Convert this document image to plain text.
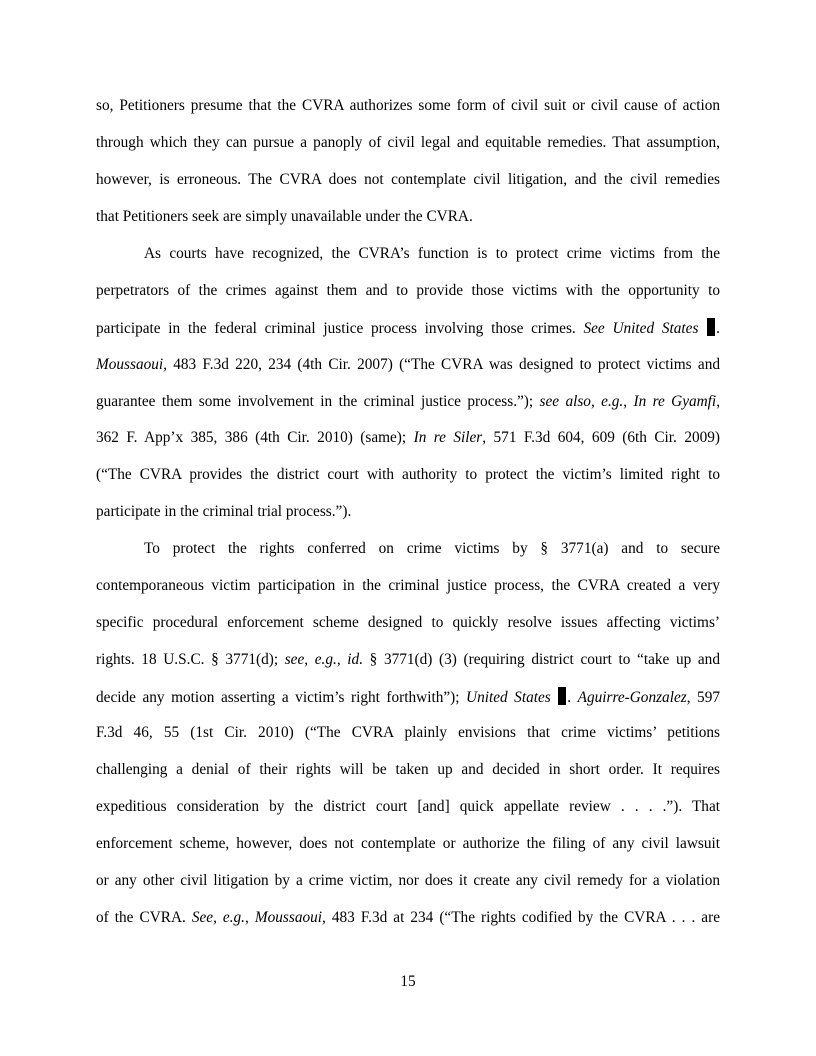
so, Petitioners presume that the CVRA authorizes some form of civil suit or civil cause of action
through which they can pursue a panoply of civil legal and equitable remedies. That assumption,
however, is erroneous. The CVRA does not contemplate civil litigation, and the civil remedies
that Petitioners seek are simply unavailable under the CVRA.
As courts have recognized, the CVRA’s function is to protect crime victims from the
perpetrators of the crimes against them and to provide those victims with the opportunity to
participate in the federal criminal justice process involving those crimes. See United States .
Moussaoui, 483 F.3d 220, 234 (4th Cir. 2007) (“The CVRA was designed to protect victims and
guarantee them some involvement in the criminal justice process.”); see also, e.g., In re Gyamfi,
362 F. App’x 385, 386 (4th Cir. 2010) (same); In re Siler, 571 F.3d 604, 609 (6th Cir. 2009)
(“The CVRA provides the district court with authority to protect the victim’s limited right to
participate in the criminal trial process.”).
To protect the rights conferred on crime victims by § 3771(a) and to secure
contemporaneous victim participation in the criminal justice process, the CVRA created a very
specific procedural enforcement scheme designed to quickly resolve issues affecting victims’
rights. 18 U.S.C. § 3771(d); see, e.g., id. § 3771(d) (3) (requiring district court to “take up and
decide any motion asserting a victim’s right forthwith”); United States . Aguirre-Gonzalez, 597
F.3d 46, 55 (1st Cir. 2010) (“The CVRA plainly envisions that crime victims’ petitions
challenging a denial of their rights will be taken up and decided in short order. It requires
expeditious consideration by the district court [and] quick appellate review . . . .”). That
enforcement scheme, however, does not contemplate or authorize the filing of any civil lawsuit
or any other civil litigation by a crime victim, nor does it create any civil remedy for a violation
of the CVRA. See, e.g., Moussaoui, 483 F.3d at 234 (“The rights codified by the CVRA . . . are
15
